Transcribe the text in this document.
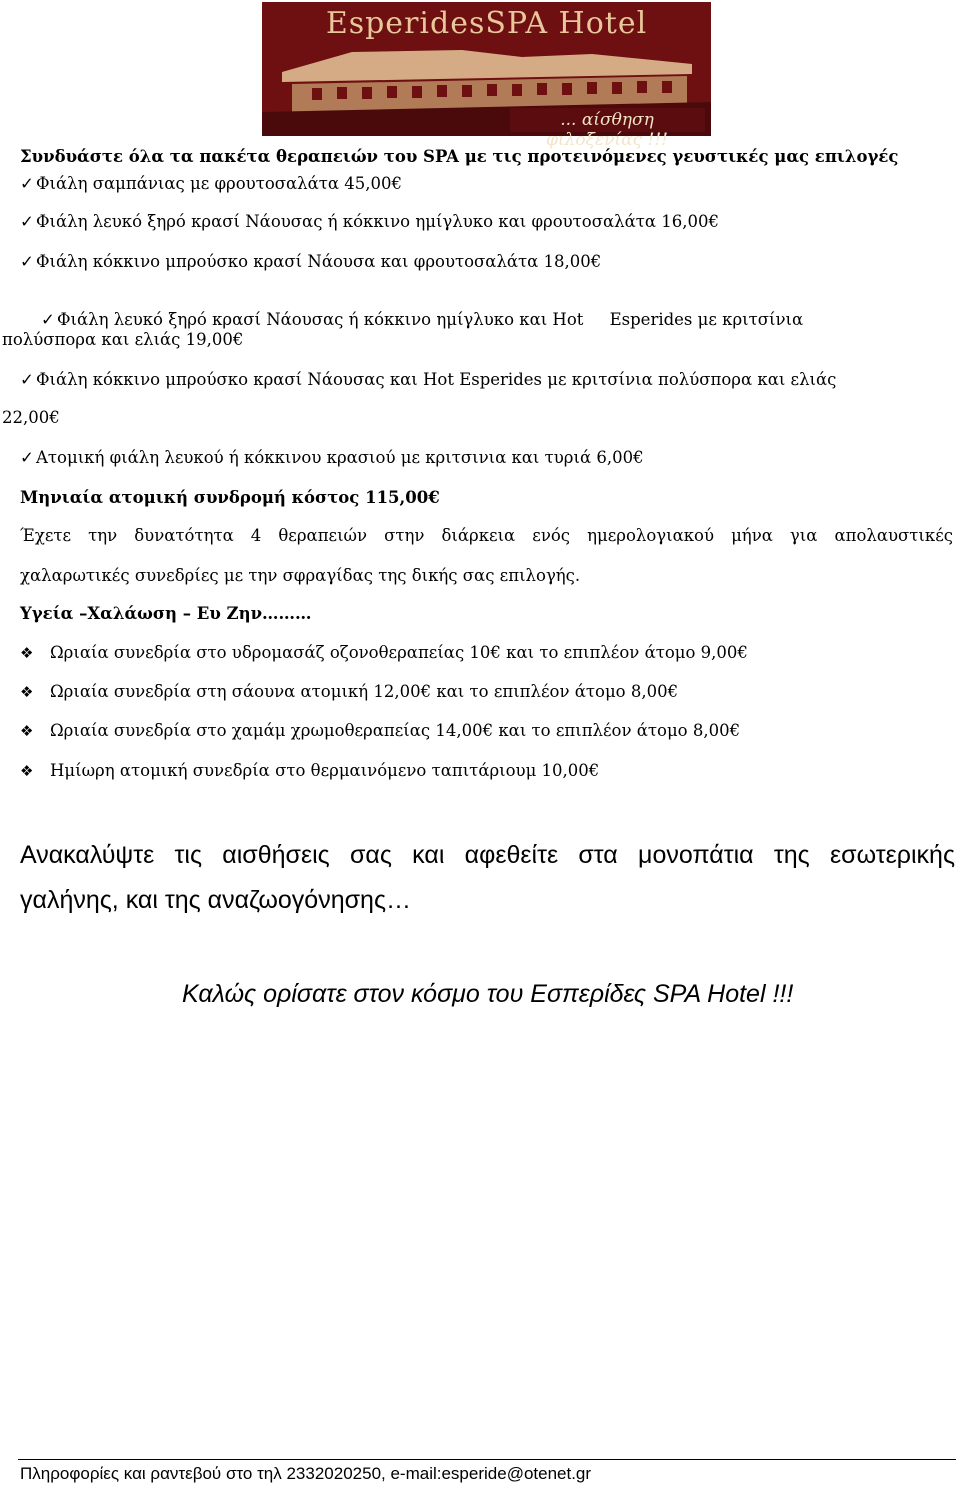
EsperidesSPA Hotel
... αίσθηση φιλοξενίας !!!
Συνδυάστε όλα τα πακέτα θεραπειών του SPA με τις προτεινόμενες γευστικές μας επιλογές
✓ Φιάλη σαμπάνιας με φρουτοσαλάτα 45,00€
✓ Φιάλη λευκό ξηρό κρασί Νάουσας ή κόκκινο ημίγλυκο και φρουτοσαλάτα 16,00€
✓ Φιάλη κόκκινο μπρούσκο κρασί Νάουσα και φρουτοσαλάτα 18,00€

✓ Φιάλη λευκό ξηρό κρασί Νάουσας ή κόκκινο ημίγλυκο και Hot     Esperides με κριτσίνια

πολύσπορα και ελιάς 19,00€
✓ Φιάλη κόκκινο μπρούσκο κρασί Νάουσας και Hot Esperides με κριτσίνια πολύσπορα και ελιάς
22,00€
✓ Ατομική φιάλη λευκού ή κόκκινου κρασιού με κριτσινια και τυριά 6,00€
Μηνιαία ατομική συνδρομή κόστος 115,00€
Έχετε την δυνατότητα 4 θεραπειών στην διάρκεια ενός ημερολογιακού μήνα για απολαυστικές
χαλαρωτικές συνεδρίες με την σφραγίδας της δικής σας επιλογής.
Υγεία –Χαλάωση – Ευ Ζην………
❖ Ωριαία συνεδρία στο υδρομασάζ οζονοθεραπείας 10€ και το επιπλέον άτομο 9,00€
❖ Ωριαία συνεδρία στη σάουνα ατομική 12,00€ και το επιπλέον άτομο 8,00€
❖ Ωριαία συνεδρία στο χαμάμ χρωμοθεραπείας 14,00€ και το επιπλέον άτομο 8,00€
❖ Ημίωρη ατομική συνεδρία στο θερμαινόμενο ταπιτάριουμ 10,00€
Ανακαλύψτε τις αισθήσεις σας και αφεθείτε στα μονοπάτια της εσωτερικής
γαλήνης, και της αναζωογόνησης…
Καλώς ορίσατε στον κόσμο του Εσπερίδες SPA Hotel !!!
Πληροφορίες και ραντεβού στο τηλ 2332020250, e-mail:esperide@otenet.gr
